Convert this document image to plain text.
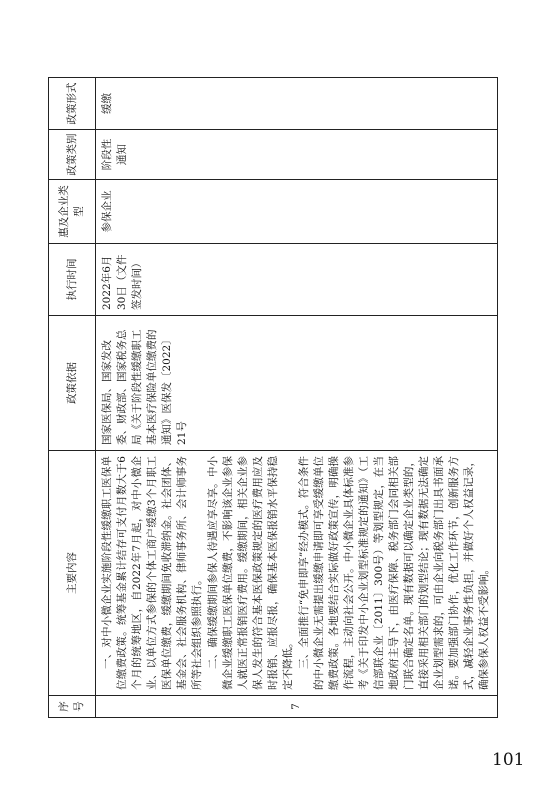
序号	主要内容	政策依据	执行时间	惠及企业类型	政策类别	政策形式
7	一、对中小微企业实施阶段性缓缴职工医保单位缴费政策。统筹基金累计结存可支付月数大于6个月的统筹地区，自2022年7月起，对中小微企业、以单位方式参保的个体工商户缓缴3个月职工医保单位缴费，缓缴期间免收滞纳金。社会团体、基金会、社会服务机构、律师事务所、会计师事务所等社会组织参照执行。 二、确保缓缴期间参保人待遇应享尽享。中小微企业缓缴职工医保单位缴费，不影响该企业参保人就医正常报销医疗费用。缓缴期间，相关企业参保人发生的符合基本医保政策规定的医疗费用应及时报销、应报尽报，确保基本医保报销水平保持稳定不降低。 三、全面推行“免申即享”经办模式。符合条件的中小微企业无需提出缓缴申请即可享受缓缴单位缴费政策。各地要结合实际做好政策宣传，明确操作流程，主动向社会公开。中小微企业具体标准参考《关于印发中小企业划型标准规定的通知》（工信部联企业〔2011〕300号）等划型规定，在当地政府主导下，由医疗保障、税务部门会同相关部门联合确定名单。现有数据可以确定企业类型的，直接采用相关部门的划型结论；现有数据无法确定企业划型需求的，可由企业向税务部门出具书面承诺。要加强部门协作，优化工作环节，创新服务方式，减轻企业事务性负担，并做好个人权益记录，确保参保人权益不受影响。	国家医保局、国家发改委、财政部、国家税务总局《关于阶段性缓缴职工基本医疗保险单位缴费的通知》医保发〔2022〕21号	2022年6月30日（文件签发时间）	参保企业	阶段性通知	缓缴
101
